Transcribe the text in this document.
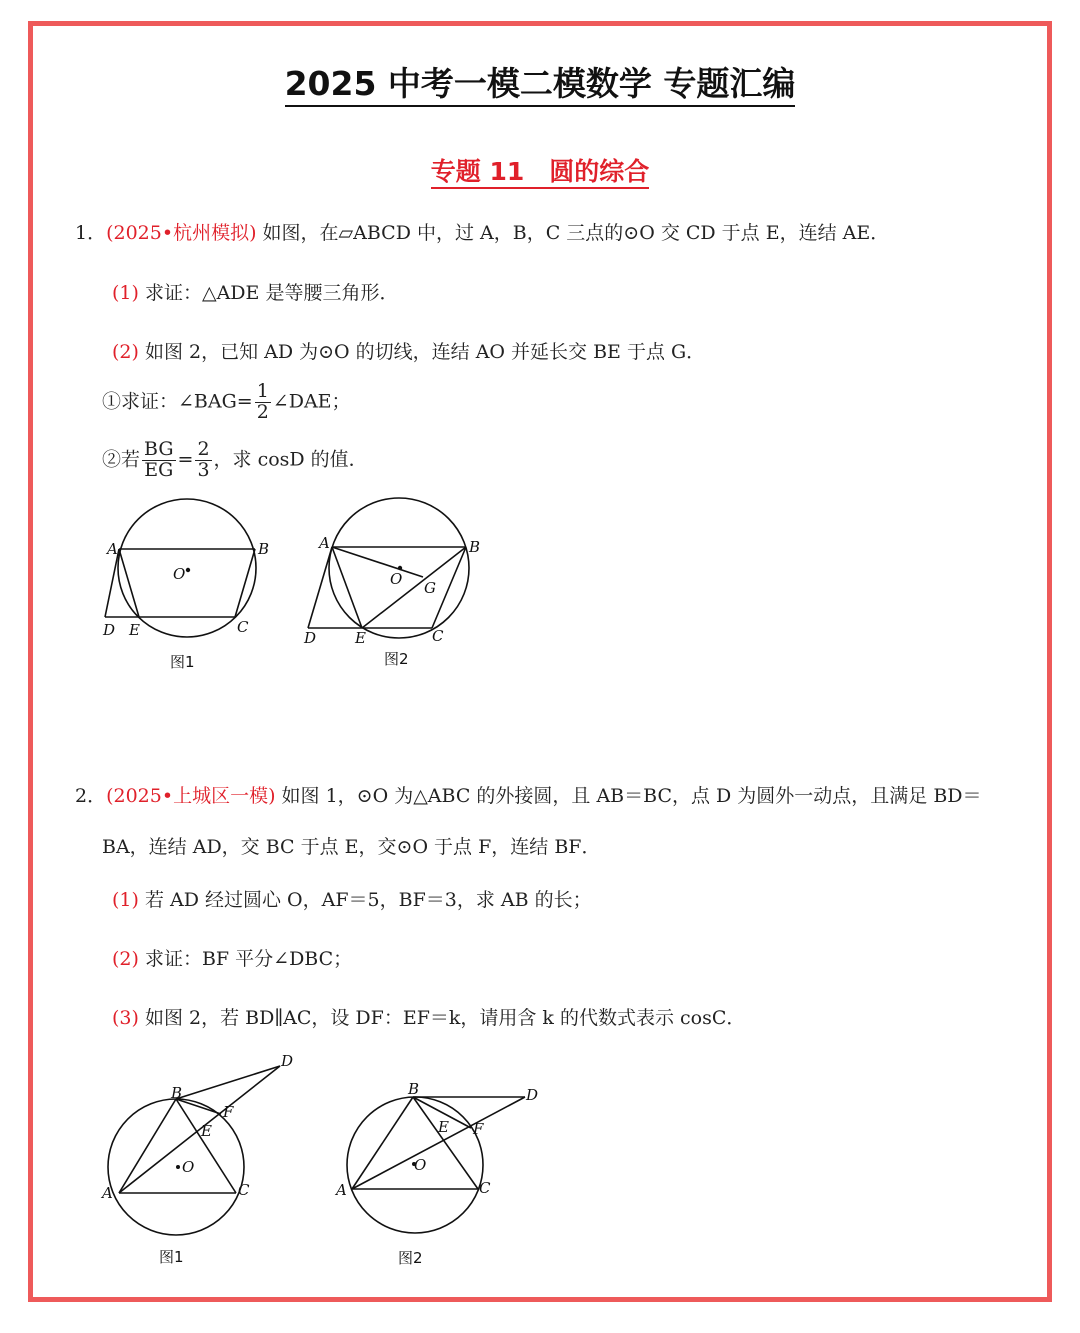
2025 中考一模二模数学 专题汇编
专题 11　圆的综合
1．(2025•杭州模拟) 如图，在▱ABCD 中，过 A，B，C 三点的⊙O 交 CD 于点 E，连结 AE．
(1) 求证：△ADE 是等腰三角形．
(2) 如图 2，已知 AD 为⊙O 的切线，连结 AO 并延长交 BE 于点 G．
①求证：∠BAG= $\frac{1}{2}$ ∠DAE；
②若 $\frac{BG}{EG} = \frac{2}{3}$ ，求 cosD 的值．
A	B
C
D E
O
图1
A	B
C
D	E
O G
图2
2．(2025•上城区一模) 如图 1，⊙O 为△ABC 的外接圆，且 AB＝BC，点 D 为圆外一动点，且满足 BD＝
BA，连结 AD，交 BC 于点 E，交⊙O 于点 F，连结 BF．
(1) 若 AD 经过圆心 O，AF＝5，BF＝3，求 AB 的长；
(2) 求证：BF 平分∠DBC；
(3) 如图 2，若 BD∥AC，设 DF：EF＝k，请用含 k 的代数式表示 cosC．
B
D
F
E
O
A	C
图1
B	D
E F
O
A	C
图2
